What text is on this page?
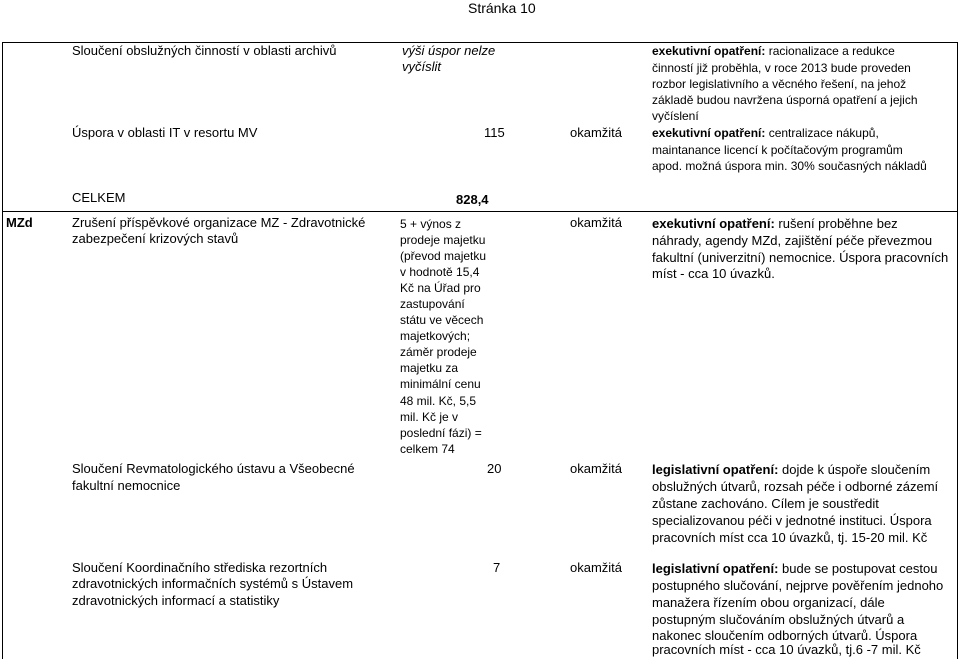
Stránka 10
Sloučení obslužných činností v oblasti archivů	výši úspor nelze
vyčíslit
exekutivní opatření: racionalizace a redukce
činností již proběhla, v roce 2013 bude proveden
rozbor legislativního a věcného řešení, na jehož
základě budou navržena úsporná opatření a jejich
vyčíslení
Úspora v oblasti IT v resortu MV	115	okamžitá exekutivní opatření: centralizace nákupů,
maintanance licencí k počítačovým programům
apod. možná úspora min. 30% současných nákladů
CELKEM	828,4
MZd	Zrušení příspěvkové organizace MZ - Zdravotnické
zabezpečení krizových stavů
5 + výnos z
prodeje majetku
(převod majetku
v hodnotě 15,4
Kč na Úřad pro
zastupování
státu ve věcech
majetkových;
záměr prodeje
majetku za
minimální cenu
48 mil. Kč, 5,5
mil. Kč je v
poslední fázi) =
celkem 74
okamžitá exekutivní opatření: rušení proběhne bez
náhrady, agendy MZd, zajištění péče převezmou
fakultní (univerzitní) nemocnice. Úspora pracovních
míst - cca 10 úvazků.
Sloučení Revmatologického ústavu a Všeobecné
fakultní nemocnice
20	okamžitá legislativní opatření: dojde k úspoře sloučením
obslužných útvarů, rozsah péče i odborné zázemí
zůstane zachováno. Cílem je soustředit
specializovanou péči v jednotné instituci. Úspora
pracovních míst cca 10 úvazků, tj. 15-20 mil. Kč
Sloučení Koordinačního střediska rezortních
zdravotnických informačních systémů s Ústavem
zdravotnických informací a statistiky
7	okamžitá legislativní opatření: bude se postupovat cestou
postupného slučování, nejprve pověřením jednoho
manažera řízením obou organizací, dále
postupným slučováním obslužných útvarů a
nakonec sloučením odborných útvarů. Úspora
pracovních míst - cca 10 úvazků, tj.6 -7 mil. Kč
